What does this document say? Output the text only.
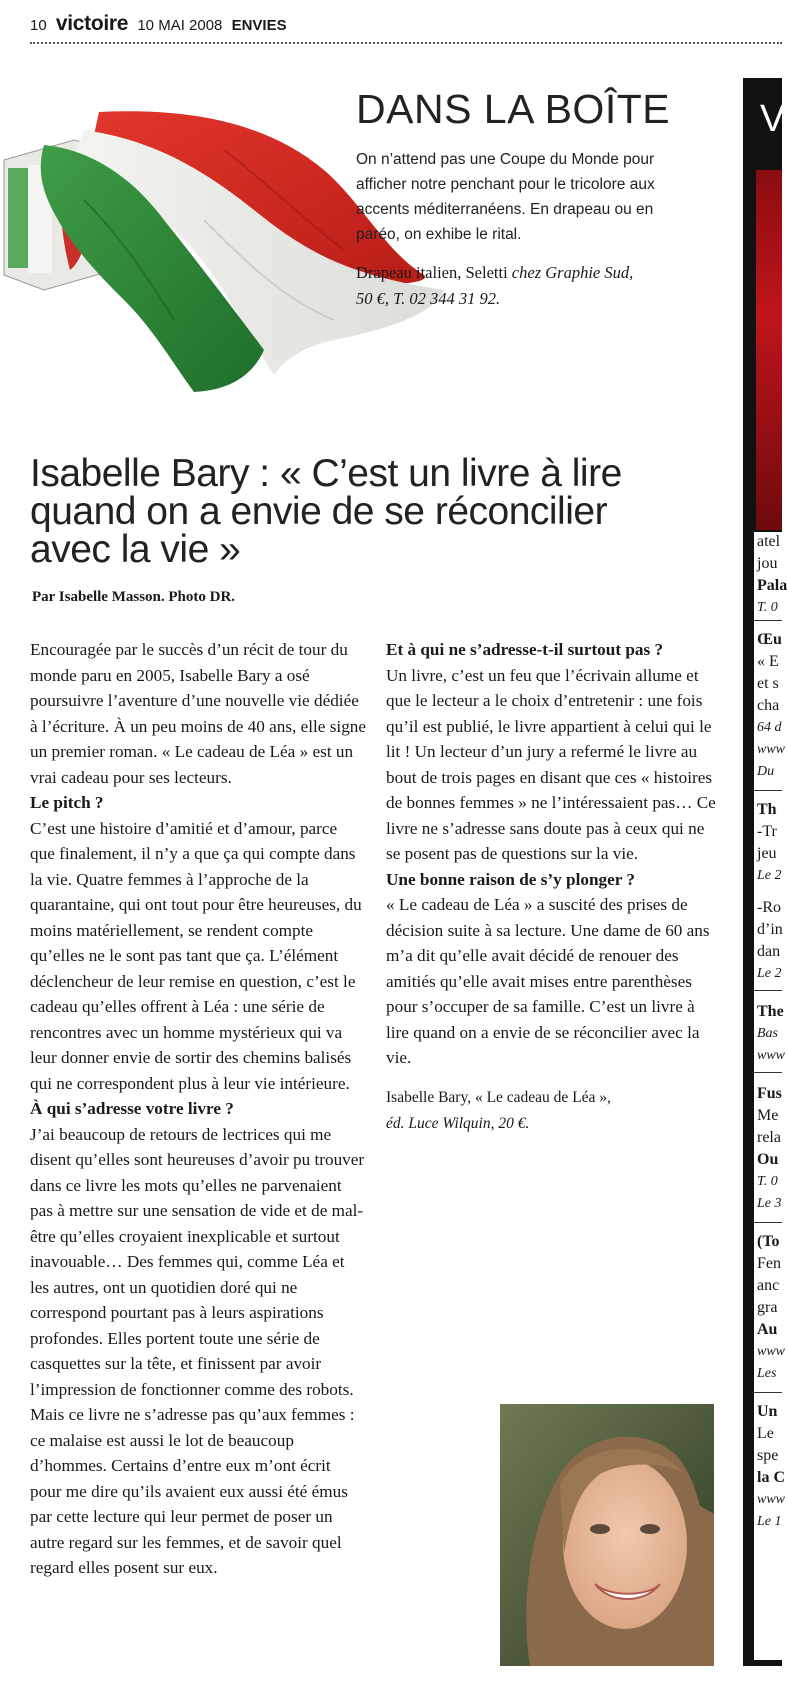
10 victoire 10 MAI 2008 ENVIES
DANS LA BOÎTE
On n’attend pas une Coupe du Monde pour afficher notre penchant pour le tricolore aux accents méditerranéens. En drapeau ou en paréo, on exhibe le rital.
Drapeau italien, Seletti chez Graphie Sud,
50 €, T. 02 344 31 92.
Isabelle Bary : « C’est un livre à lire quand on a envie de se réconcilier avec la vie »
Par Isabelle Masson. Photo DR.

Encouragée par le succès d’un récit de tour du monde paru en 2005, Isabelle Bary a osé poursuivre l’aventure d’une nouvelle vie dédiée à l’écriture. À un peu moins de 40 ans, elle signe un premier roman. « Le cadeau de Léa » est un vrai cadeau pour ses lecteurs.

Le pitch ?

C’est une histoire d’amitié et d’amour, parce que finalement, il n’y a que ça qui compte dans la vie. Quatre femmes à l’approche de la quarantaine, qui ont tout pour être heureuses, du moins matériellement, se rendent compte qu’elles ne le sont pas tant que ça. L’élément déclencheur de leur remise en question, c’est le cadeau qu’elles offrent à Léa : une série de rencontres avec un homme mystérieux qui va leur donner envie de sortir des chemins balisés qui ne correspondent plus à leur vie intérieure.

À qui s’adresse votre livre ?

J’ai beaucoup de retours de lectrices qui me disent qu’elles sont heureuses d’avoir pu trouver dans ce livre les mots qu’elles ne parvenaient pas à mettre sur une sensation de vide et de mal-être qu’elles croyaient inexplicable et surtout inavouable… Des femmes qui, comme Léa et les autres, ont un quotidien doré qui ne correspond pourtant pas à leurs aspirations profondes. Elles portent toute une série de casquettes sur la tête, et finissent par avoir l’impression de fonctionner comme des robots. Mais ce livre ne s’adresse pas qu’aux femmes : ce malaise est aussi le lot de beaucoup d’hommes. Certains d’entre eux m’ont écrit pour me dire qu’ils avaient eux aussi été émus par cette lecture qui leur permet de poser un autre regard sur les femmes, et de savoir quel regard elles posent sur eux.

Et à qui ne s’adresse-t-il surtout pas ?

Un livre, c’est un feu que l’écrivain allume et que le lecteur a le choix d’entretenir : une fois qu’il est publié, le livre appartient à celui qui le lit ! Un lecteur d’un jury a refermé le livre au bout de trois pages en disant que ces « histoires de bonnes femmes » ne l’intéressaient pas… Ce livre ne s’adresse sans doute pas à ceux qui ne se posent pas de questions sur la vie.

Une bonne raison de s’y plonger ?

« Le cadeau de Léa » a suscité des prises de décision suite à sa lecture. Une dame de 60 ans m’a dit qu’elle avait décidé de renouer des amitiés qu’elle avait mises entre parenthèses pour s’occuper de sa famille. C’est un livre à lire quand on a envie de se réconcilier avec la vie.

Isabelle Bary, « Le cadeau de Léa »,
éd. Luce Wilquin, 20 €.

V
atel
jou
Pala
T. 0
Œu
« E
et s
cha
64 d
www
Du
Th
-Tr
jeu
Le 2
-Ro
d’in
dan
Le 2
The
Bas
www
Fus
Me
rela
Ou
T. 0
Le 3
(To
Fen
anc
gra
Au
www
Les
Un
Le
spe
la C
www
Le 1
